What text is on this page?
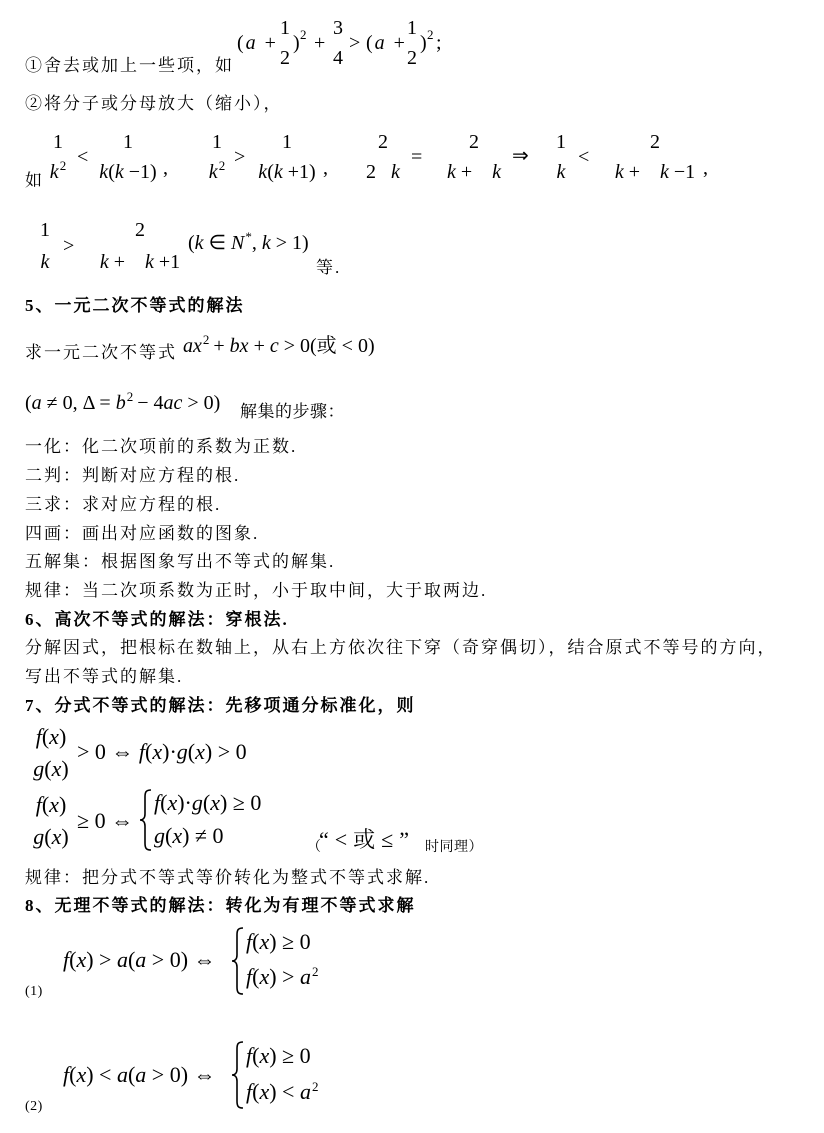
①舍去或加上一些项，如
(a +
1
2
) 2 +
3
4
> (a +
1
2
) 2 ;
②将分子或分母放大（缩小），
如
1
$k^2$ <
1
k(k −1) ,
1
$k^2$ >
1
k(k +1) ,
2
2   k
=
2
k +    k
⇒
1
k
<
2
k +    k −1 ,
1
k
>
2
k +    k +1
(k ∈ N*, k > 1)
等.
5、一元二次不等式的解法
求一元二次不等式 $ax^2$ + bx + c > 0(或 < 0)
(a ≠ 0, $\Delta = b^2 - 4ac > 0$) 解集的步骤：
一化：化二次项前的系数为正数.
二判：判断对应方程的根.
三求：求对应方程的根.
四画：画出对应函数的图象.
五解集：根据图象写出不等式的解集.
规律：当二次项系数为正时，小于取中间，大于取两边.
6、高次不等式的解法：穿根法.
分解因式，把根标在数轴上，从右上方依次往下穿（奇穿偶切），结合原式不等号的方向，
写出不等式的解集.
7、分式不等式的解法：先移项通分标准化，则
f(x)
g(x)
> 0 ⇔ f(x)·g(x) > 0
f(x)
g(x)
≥ 0 ⇔
f(x)·g(x) ≥ 0
g(x) ≠ 0	（
“<或≤” 时同理）
规律：把分式不等式等价转化为整式不等式求解.
8、无理不等式的解法：转化为有理不等式求解
(1)
f(x) > a(a > 0) ⇔
f(x) ≥ 0
$f(x) > a^2$
(2)
f(x) < a(a > 0) ⇔
f(x) ≥ 0
$f(x) < a^2$
